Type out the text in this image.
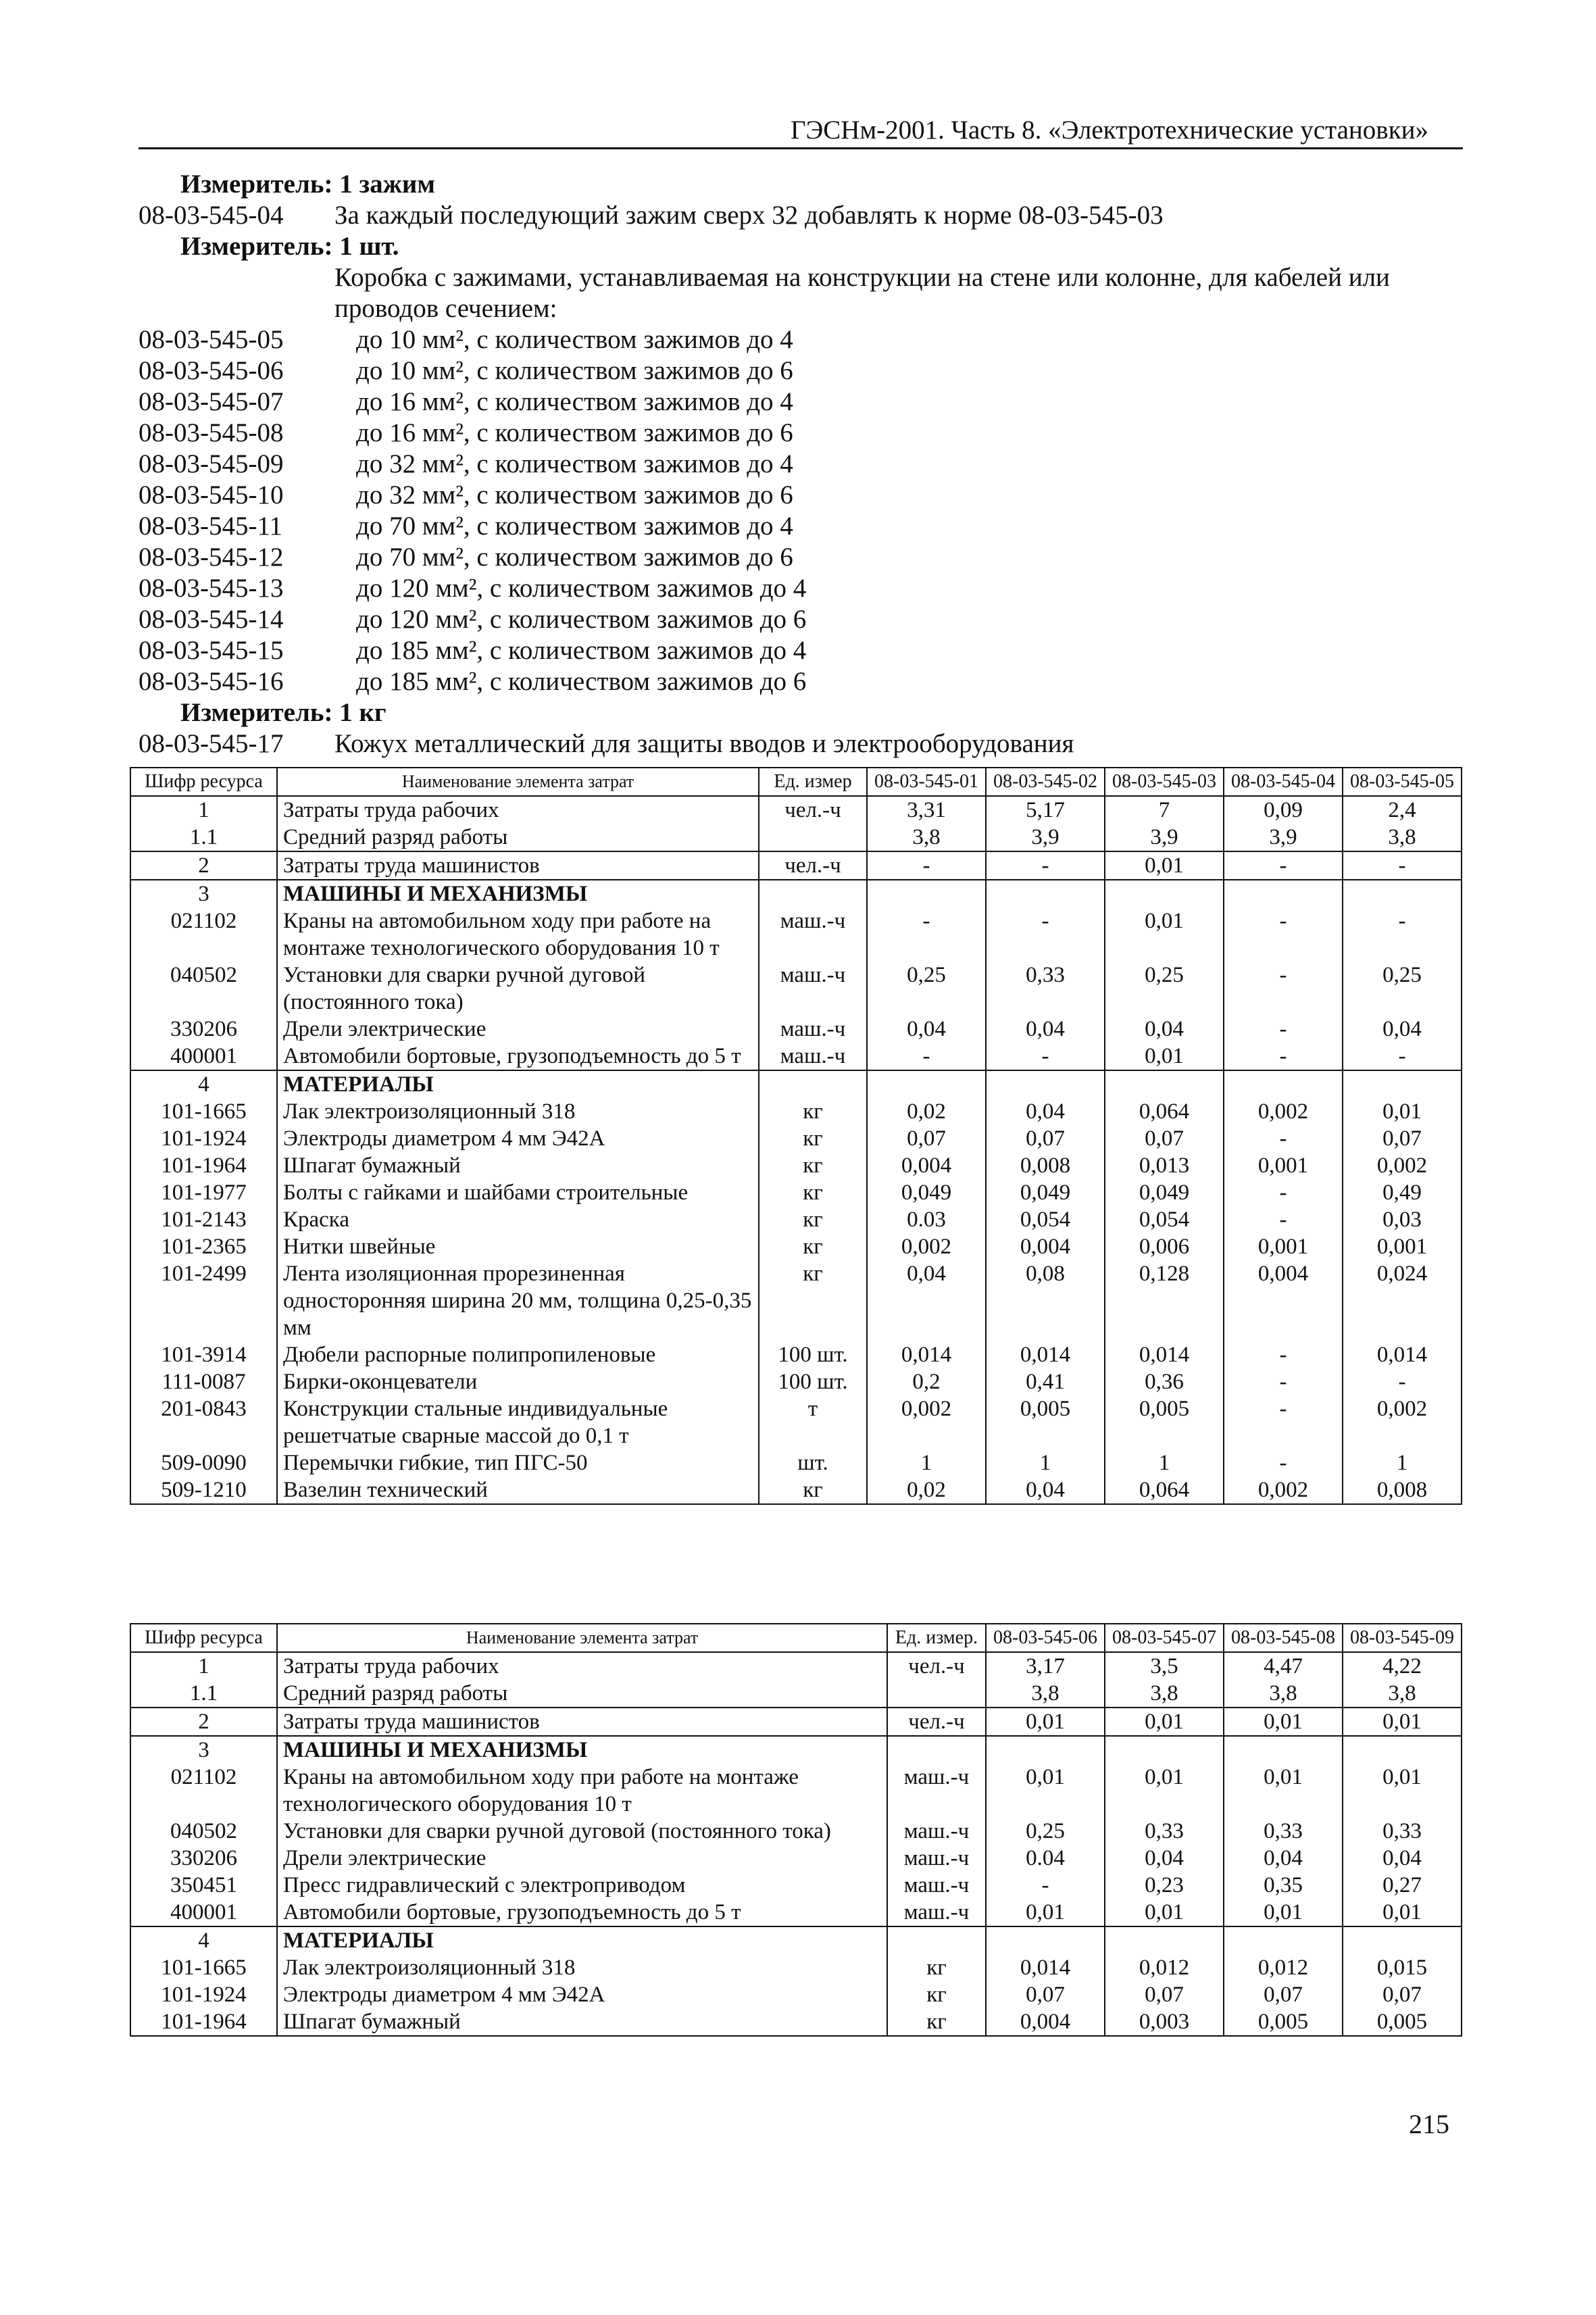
ГЭСНм-2001. Часть 8. «Электротехнические установки»
Измеритель: 1 зажим
08-03-545-04 За каждый последующий зажим сверх 32 добавлять к норме 08-03-545-03
Измеритель: 1 шт.
Коробка с зажимами, устанавливаемая на конструкции на стене или колонне, для кабелей или
проводов сечением:
08-03-545-05	до 10 мм², с количеством зажимов до 4
08-03-545-06	до 10 мм², с количеством зажимов до 6
08-03-545-07	до 16 мм², с количеством зажимов до 4
08-03-545-08	до 16 мм², с количеством зажимов до 6
08-03-545-09	до 32 мм², с количеством зажимов до 4
08-03-545-10	до 32 мм², с количеством зажимов до 6
08-03-545-11	до 70 мм², с количеством зажимов до 4
08-03-545-12	до 70 мм², с количеством зажимов до 6
08-03-545-13	до 120 мм², с количеством зажимов до 4
08-03-545-14	до 120 мм², с количеством зажимов до 6
08-03-545-15	до 185 мм², с количеством зажимов до 4
08-03-545-16	до 185 мм², с количеством зажимов до 6
Измеритель: 1 кг
08-03-545-17 Кожух металлический для защиты вводов и электрооборудования
Шифр ресурса	Наименование элемента затрат	Ед. измер	08-03-545-01	08-03-545-02	08-03-545-03	08-03-545-04	08-03-545-05
1	Затраты труда рабочих	чел.-ч	3,31	5,17	7	0,09	2,4
1.1	Средний разряд работы		3,8	3,9	3,9	3,9	3,8
2	Затраты труда машинистов	чел.-ч	-	-	0,01	-	-
3	МАШИНЫ И МЕХАНИЗМЫ						
021102	Краны на автомобильном ходу при работе на монтаже технологического оборудования 10 т	маш.-ч	-	-	0,01	-	-
040502	Установки для сварки ручной дуговой (постоянного тока)	маш.-ч	0,25	0,33	0,25	-	0,25
330206	Дрели электрические	маш.-ч	0,04	0,04	0,04	-	0,04
400001	Автомобили бортовые, грузоподъемность до 5 т	маш.-ч	-	-	0,01	-	-
4	МАТЕРИАЛЫ						
101-1665	Лак электроизоляционный 318	кг	0,02	0,04	0,064	0,002	0,01
101-1924	Электроды диаметром 4 мм Э42А	кг	0,07	0,07	0,07	-	0,07
101-1964	Шпагат бумажный	кг	0,004	0,008	0,013	0,001	0,002
101-1977	Болты с гайками и шайбами строительные	кг	0,049	0,049	0,049	-	0,49
101-2143	Краска	кг	0.03	0,054	0,054	-	0,03
101-2365	Нитки швейные	кг	0,002	0,004	0,006	0,001	0,001
101-2499	Лента изоляционная прорезиненная односторонняя ширина 20 мм, толщина 0,25-0,35 мм	кг	0,04	0,08	0,128	0,004	0,024
101-3914	Дюбели распорные полипропиленовые	100 шт.	0,014	0,014	0,014	-	0,014
111-0087	Бирки-оконцеватели	100 шт.	0,2	0,41	0,36	-	-
201-0843	Конструкции стальные индивидуальные решетчатые сварные массой до 0,1 т	т	0,002	0,005	0,005	-	0,002
509-0090	Перемычки гибкие, тип ПГС-50	шт.	1	1	1	-	1
509-1210	Вазелин технический	кг	0,02	0,04	0,064	0,002	0,008
Шифр ресурса	Наименование элемента затрат	Ед. измер.	08-03-545-06	08-03-545-07	08-03-545-08	08-03-545-09
1	Затраты труда рабочих	чел.-ч	3,17	3,5	4,47	4,22
1.1	Средний разряд работы		3,8	3,8	3,8	3,8
2	Затраты труда машинистов	чел.-ч	0,01	0,01	0,01	0,01
3	МАШИНЫ И МЕХАНИЗМЫ					
021102	Краны на автомобильном ходу при работе на монтаже технологического оборудования 10 т	маш.-ч	0,01	0,01	0,01	0,01
040502	Установки для сварки ручной дуговой (постоянного тока)	маш.-ч	0,25	0,33	0,33	0,33
330206	Дрели электрические	маш.-ч	0.04	0,04	0,04	0,04
350451	Пресс гидравлический с электроприводом	маш.-ч	-	0,23	0,35	0,27
400001	Автомобили бортовые, грузоподъемность до 5 т	маш.-ч	0,01	0,01	0,01	0,01
4	МАТЕРИАЛЫ					
101-1665	Лак электроизоляционный 318	кг	0,014	0,012	0,012	0,015
101-1924	Электроды диаметром 4 мм Э42А	кг	0,07	0,07	0,07	0,07
101-1964	Шпагат бумажный	кг	0,004	0,003	0,005	0,005
215
